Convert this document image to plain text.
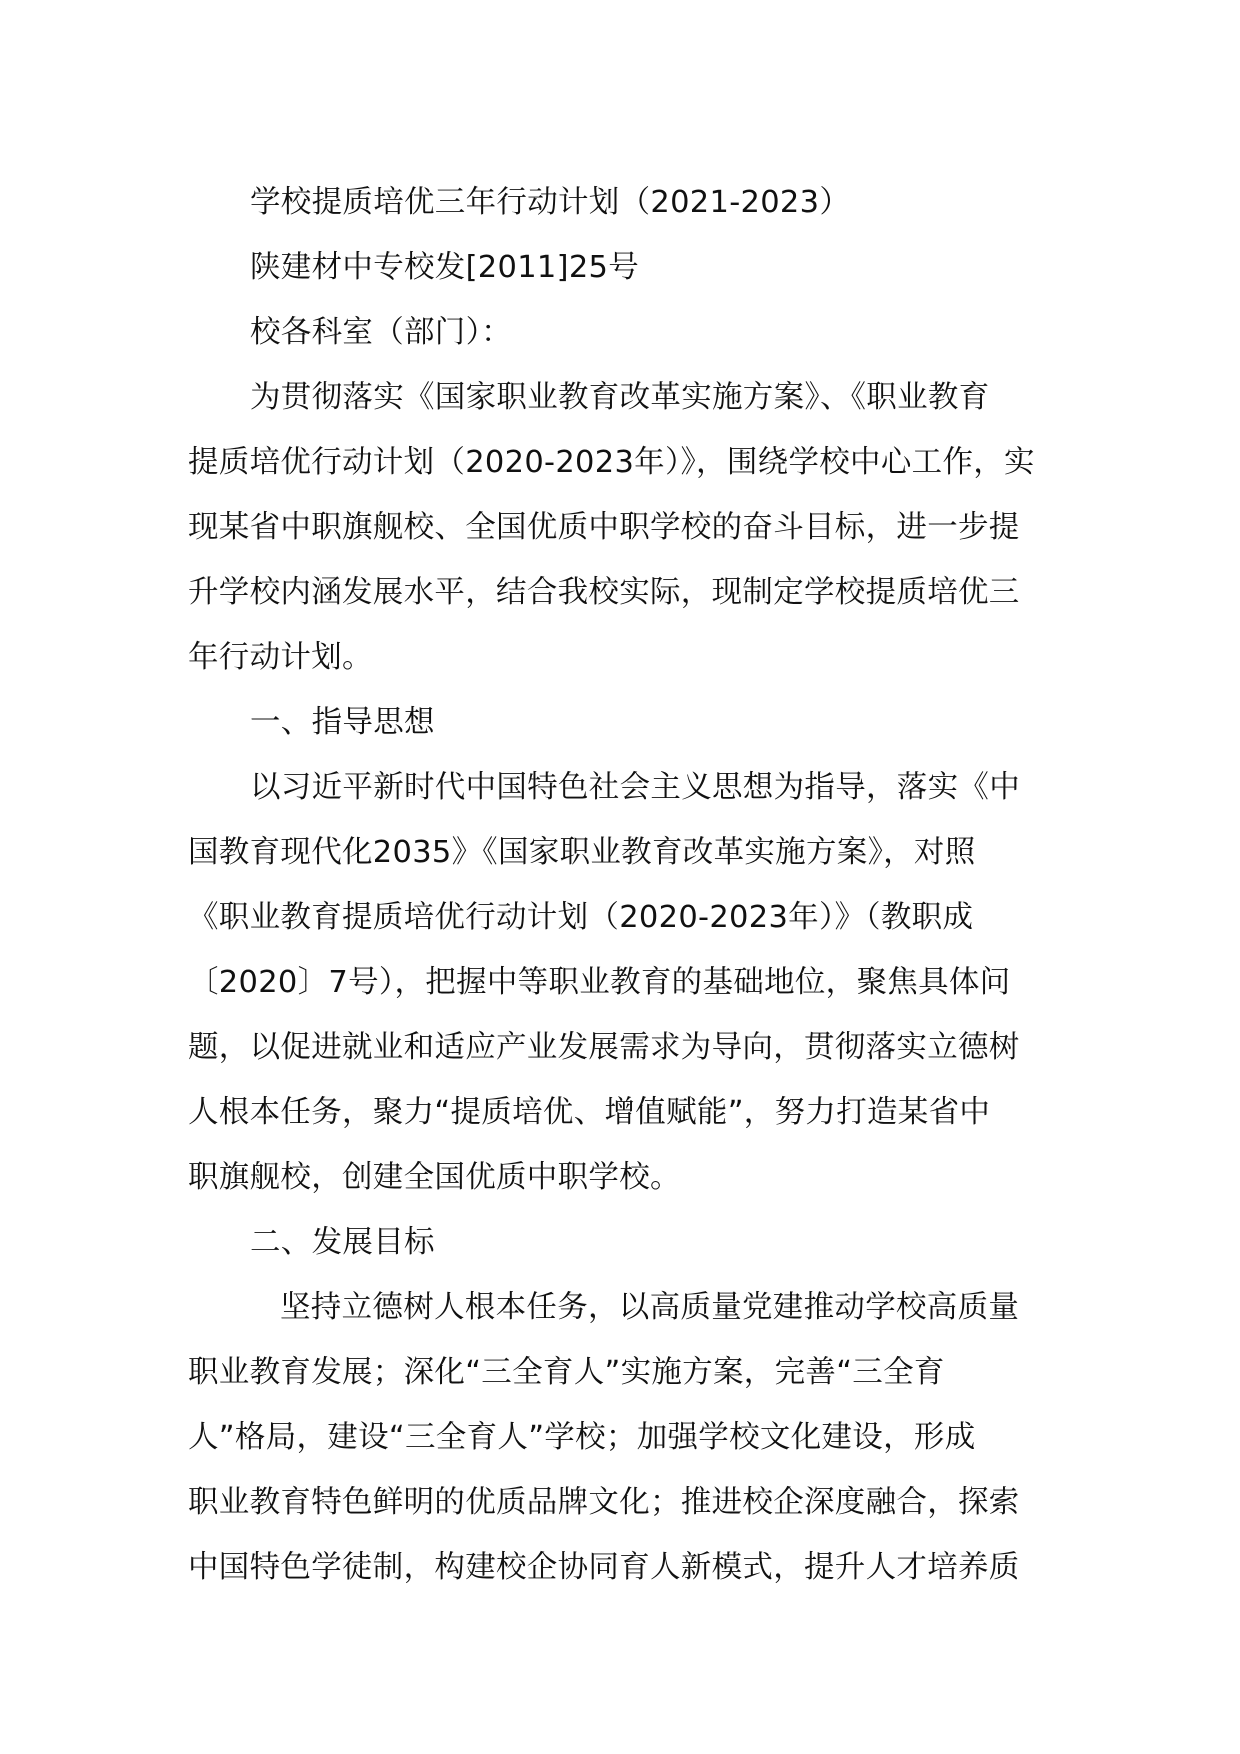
学校提质培优三年行动计划（2021-2023）
陕建材中专校发[2011]25号
校各科室（部门）：
为贯彻落实《国家职业教育改革实施方案》、《职业教育
提质培优行动计划（2020-2023年）》，围绕学校中心工作，实
现某省中职旗舰校、全国优质中职学校的奋斗目标，进一步提
升学校内涵发展水平，结合我校实际，现制定学校提质培优三
年行动计划。
一、指导思想
以习近平新时代中国特色社会主义思想为指导，落实《中
国教育现代化2035》《国家职业教育改革实施方案》，对照
《职业教育提质培优行动计划（2020-2023年）》（教职成
〔2020〕7号），把握中等职业教育的基础地位，聚焦具体问
题，以促进就业和适应产业发展需求为导向，贯彻落实立德树
人根本任务，聚力“提质培优、增值赋能”，努力打造某省中
职旗舰校，创建全国优质中职学校。
二、发展目标
坚持立德树人根本任务，以高质量党建推动学校高质量
职业教育发展；深化“三全育人”实施方案，完善“三全育
人”格局，建设“三全育人”学校；加强学校文化建设，形成
职业教育特色鲜明的优质品牌文化；推进校企深度融合，探索
中国特色学徒制，构建校企协同育人新模式，提升人才培养质
